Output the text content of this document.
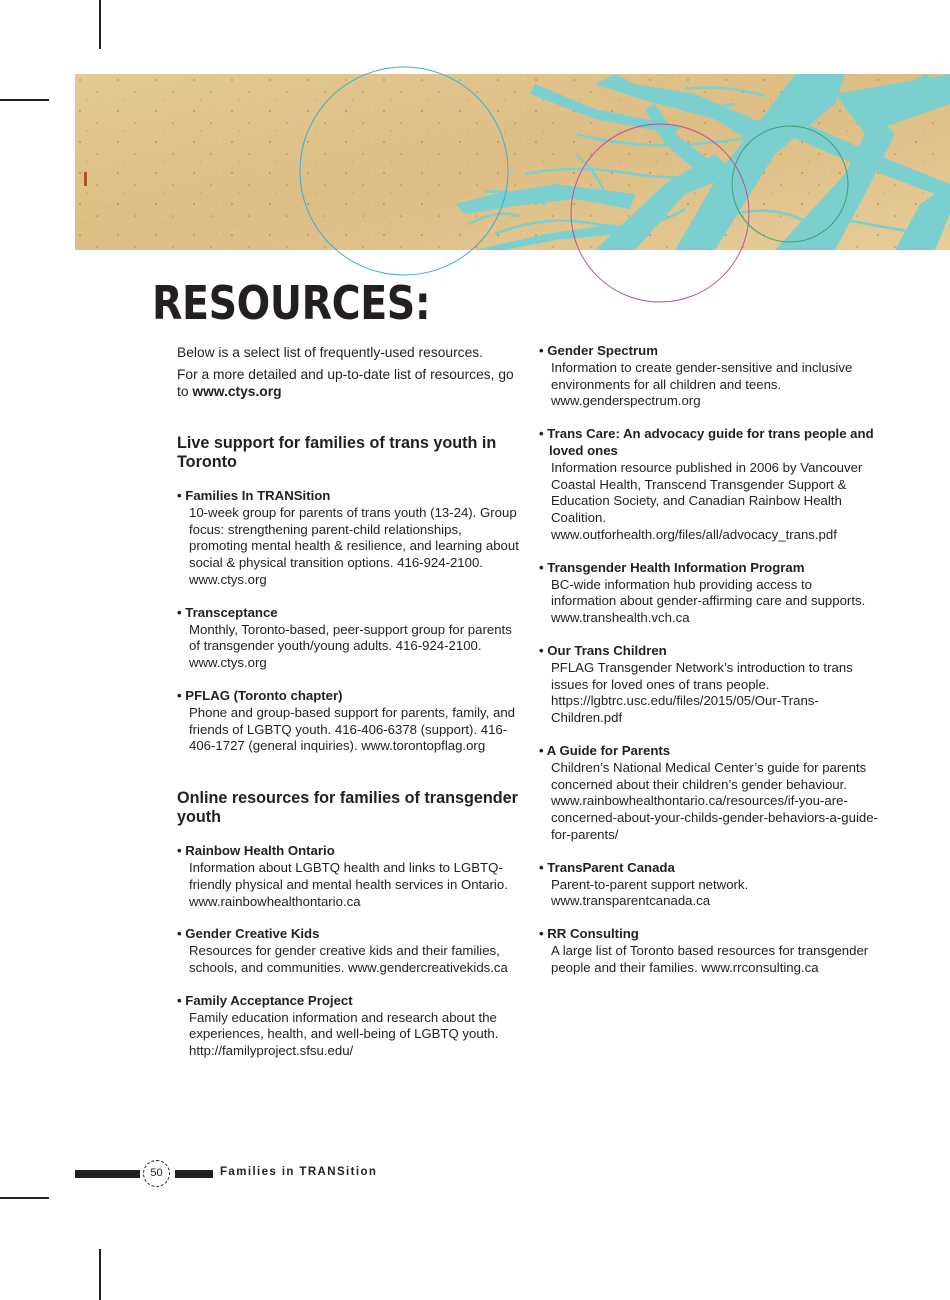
RESOURCES:

Below is a select list of frequently-used resources.

For a more detailed and up-to-date list of resources, go to www.ctys.org

Live support for families of trans youth in Toronto
• Families In TRANSition
10-week group for parents of trans youth (13-24). Group focus: strengthening parent-child relationships, promoting mental health & resilience, and learning about social & physical transition options. 416-924-2100. www.ctys.org
• Transceptance
Monthly, Toronto-based, peer-support group for parents of transgender youth/young adults. 416-924-2100. www.ctys.org
• PFLAG (Toronto chapter)
Phone and group-based support for parents, family, and friends of LGBTQ youth. 416-406-6378 (support). 416-406-1727 (general inquiries). www.torontopflag.org
Online resources for families of transgender youth
• Rainbow Health Ontario
Information about LGBTQ health and links to LGBTQ-friendly physical and mental health services in Ontario. www.rainbowhealthontario.ca
• Gender Creative Kids
Resources for gender creative kids and their families, schools, and communities. www.gendercreativekids.ca
• Family Acceptance Project
Family education information and research about the experiences, health, and well-being of LGBTQ youth. http://familyproject.sfsu.edu/
• Gender Spectrum
Information to create gender-sensitive and inclusive environments for all children and teens. www.genderspectrum.org
• Trans Care: An advocacy guide for trans people and loved ones
Information resource published in 2006 by Vancouver Coastal Health, Transcend Transgender Support & Education Society, and Canadian Rainbow Health Coalition. www.outforhealth.org/files/all/advocacy_trans.pdf
• Transgender Health Information Program
BC-wide information hub providing access to information about gender-affirming care and supports. www.transhealth.vch.ca
• Our Trans Children
PFLAG Transgender Network’s introduction to trans issues for loved ones of trans people. https://lgbtrc.usc.edu/files/2015/05/Our-Trans-Children.pdf
• A Guide for Parents
Children’s National Medical Center’s guide for parents concerned about their children’s gender behaviour. www.rainbowhealthontario.ca/resources/if-you-are-concerned-about-your-childs-gender-behaviors-a-guide-for-parents/
• TransParent Canada
Parent-to-parent support network. www.transparentcanada.ca
• RR Consulting
A large list of Toronto based resources for transgender people and their families. www.rrconsulting.ca
50	Families in TRANSition
